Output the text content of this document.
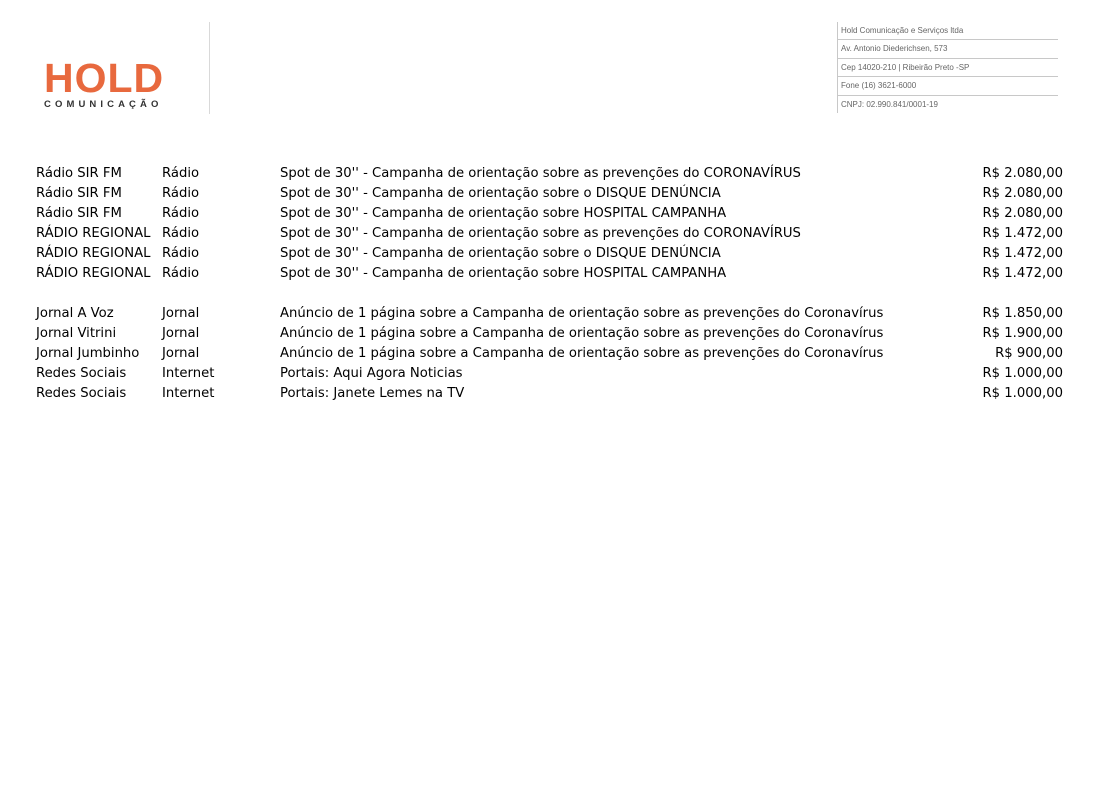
HOLD
COMUNICAÇÃO
Hold Comunicação e Serviços ltda
Av. Antonio Diederichsen, 573
Cep 14020-210 | Ribeirão Preto -SP
Fone (16) 3621-6000
CNPJ: 02.990.841/0001-19
Rádio SIR FM	Rádio	Spot de 30'' - Campanha de orientação sobre as prevenções do CORONAVÍRUS	R$ 2.080,00
Rádio SIR FM	Rádio	Spot de 30'' - Campanha de orientação sobre o DISQUE DENÚNCIA	R$ 2.080,00
Rádio SIR FM	Rádio	Spot de 30'' - Campanha de orientação sobre HOSPITAL CAMPANHA	R$ 2.080,00
RÁDIO REGIONAL	Rádio	Spot de 30'' - Campanha de orientação sobre as prevenções do CORONAVÍRUS	R$ 1.472,00
RÁDIO REGIONAL	Rádio	Spot de 30'' - Campanha de orientação sobre o DISQUE DENÚNCIA	R$ 1.472,00
RÁDIO REGIONAL	Rádio	Spot de 30'' - Campanha de orientação sobre HOSPITAL CAMPANHA	R$ 1.472,00

Jornal A Voz	Jornal	Anúncio de 1 página sobre a Campanha de orientação sobre as prevenções do Coronavírus	R$ 1.850,00
Jornal Vitrini	Jornal	Anúncio de 1 página sobre a Campanha de orientação sobre as prevenções do Coronavírus	R$ 1.900,00
Jornal Jumbinho	Jornal	Anúncio de 1 página sobre a Campanha de orientação sobre as prevenções do Coronavírus	R$ 900,00
Redes Sociais	Internet	Portais: Aqui Agora Noticias	R$ 1.000,00
Redes Sociais	Internet	Portais: Janete Lemes na TV	R$ 1.000,00
